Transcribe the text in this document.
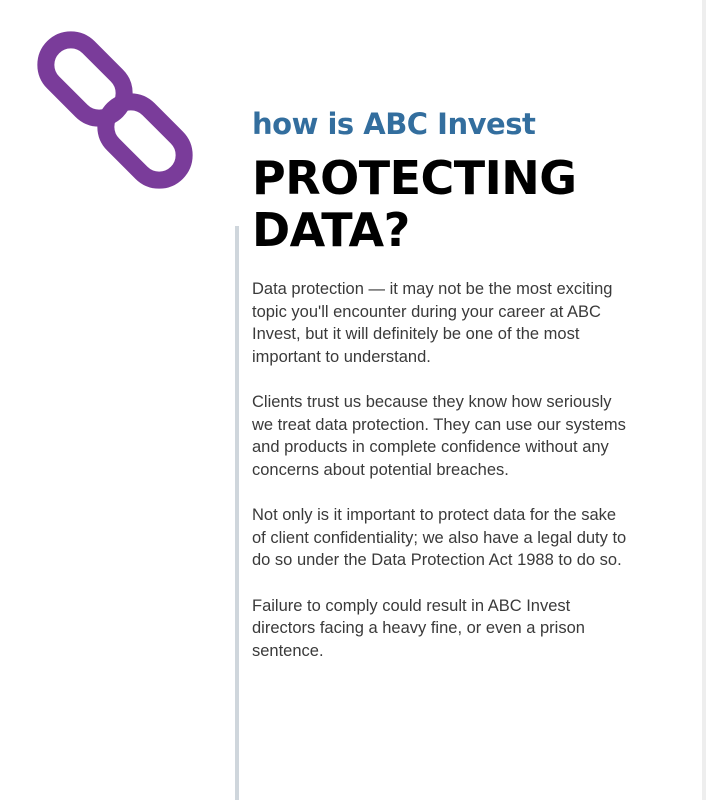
how is ABC Invest
PROTECTING DATA?

Data protection — it may not be the most exciting topic you'll encounter during your career at ABC Invest, but it will definitely be one of the most important to understand.

Clients trust us because they know how seriously we treat data protection. They can use our systems and products in complete confidence without any concerns about potential breaches.

Not only is it important to protect data for the sake of client confidentiality; we also have a legal duty to do so under the Data Protection Act 1988 to do so.

Failure to comply could result in ABC Invest directors facing a heavy fine, or even a prison sentence.
